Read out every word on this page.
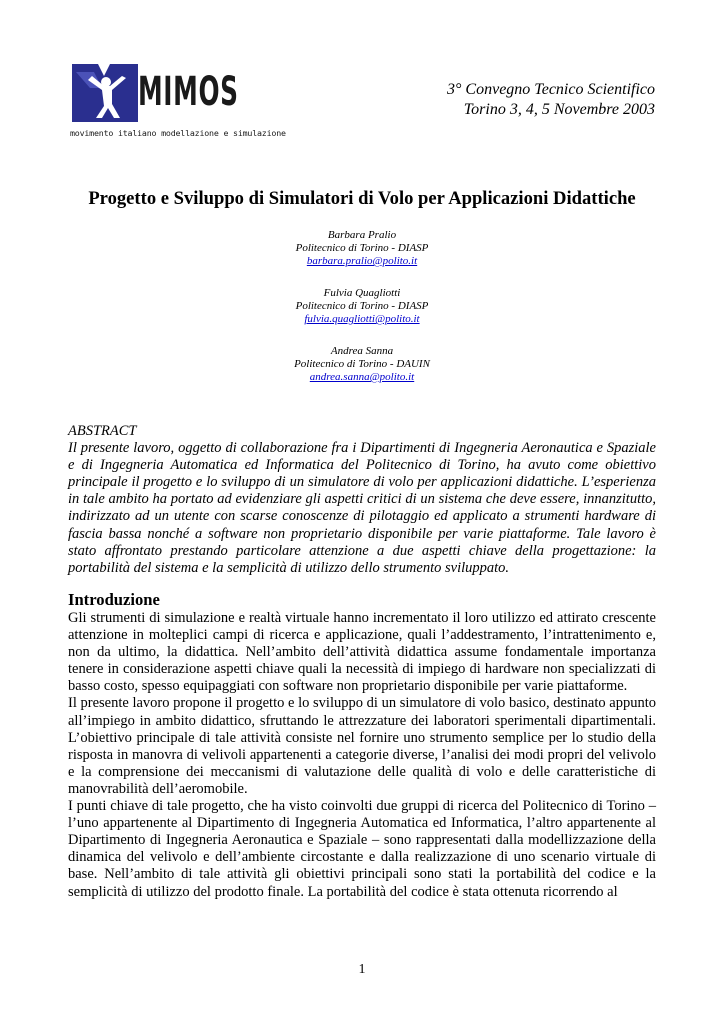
MIMOS
movimento italiano modellazione e simulazione
3° Convegno Tecnico Scientifico
Torino 3, 4, 5 Novembre 2003
Progetto e Sviluppo di Simulatori di Volo per Applicazioni Didattiche
Barbara Pralio
Politecnico di Torino - DIASP
barbara.pralio@polito.it
Fulvia Quagliotti
Politecnico di Torino - DIASP
fulvia.quagliotti@polito.it
Andrea Sanna
Politecnico di Torino - DAUIN
andrea.sanna@polito.it
ABSTRACT
Il presente lavoro, oggetto di collaborazione fra i Dipartimenti di Ingegneria Aeronautica e Spaziale e di Ingegneria Automatica ed Informatica del Politecnico di Torino, ha avuto come obiettivo principale il progetto e lo sviluppo di un simulatore di volo per applicazioni didattiche. L’esperienza in tale ambito ha portato ad evidenziare gli aspetti critici di un sistema che deve essere, innanzitutto, indirizzato ad un utente con scarse conoscenze di pilotaggio ed applicato a strumenti hardware di fascia bassa nonché a software non proprietario disponibile per varie piattaforme. Tale lavoro è stato affrontato prestando particolare attenzione a due aspetti chiave della progettazione: la portabilità del sistema e la semplicità di utilizzo dello strumento sviluppato.
Introduzione

Gli strumenti di simulazione e realtà virtuale hanno incrementato il loro utilizzo ed attirato crescente attenzione in molteplici campi di ricerca e applicazione, quali l’addestramento, l’intrattenimento e, non da ultimo, la didattica. Nell’ambito dell’attività didattica assume fondamentale importanza tenere in considerazione aspetti chiave quali la necessità di impiego di hardware non specializzati di basso costo, spesso equipaggiati con software non proprietario disponibile per varie piattaforme.

Il presente lavoro propone il progetto e lo sviluppo di un simulatore di volo basico, destinato appunto all’impiego in ambito didattico, sfruttando le attrezzature dei laboratori sperimentali dipartimentali. L’obiettivo principale di tale attività consiste nel fornire uno strumento semplice per lo studio della risposta in manovra di velivoli appartenenti a categorie diverse, l’analisi dei modi propri del velivolo e la comprensione dei meccanismi di valutazione delle qualità di volo e delle caratteristiche di manovrabilità dell’aeromobile.

I punti chiave di tale progetto, che ha visto coinvolti due gruppi di ricerca del Politecnico di Torino – l’uno appartenente al Dipartimento di Ingegneria Automatica ed Informatica, l’altro appartenente al Dipartimento di Ingegneria Aeronautica e Spaziale – sono rappresentati dalla modellizzazione della dinamica del velivolo e dell’ambiente circostante e dalla realizzazione di uno scenario virtuale di base. Nell’ambito di tale attività gli obiettivi principali sono stati la portabilità del codice e la semplicità di utilizzo del prodotto finale. La portabilità del codice è stata ottenuta ricorrendo al

1
